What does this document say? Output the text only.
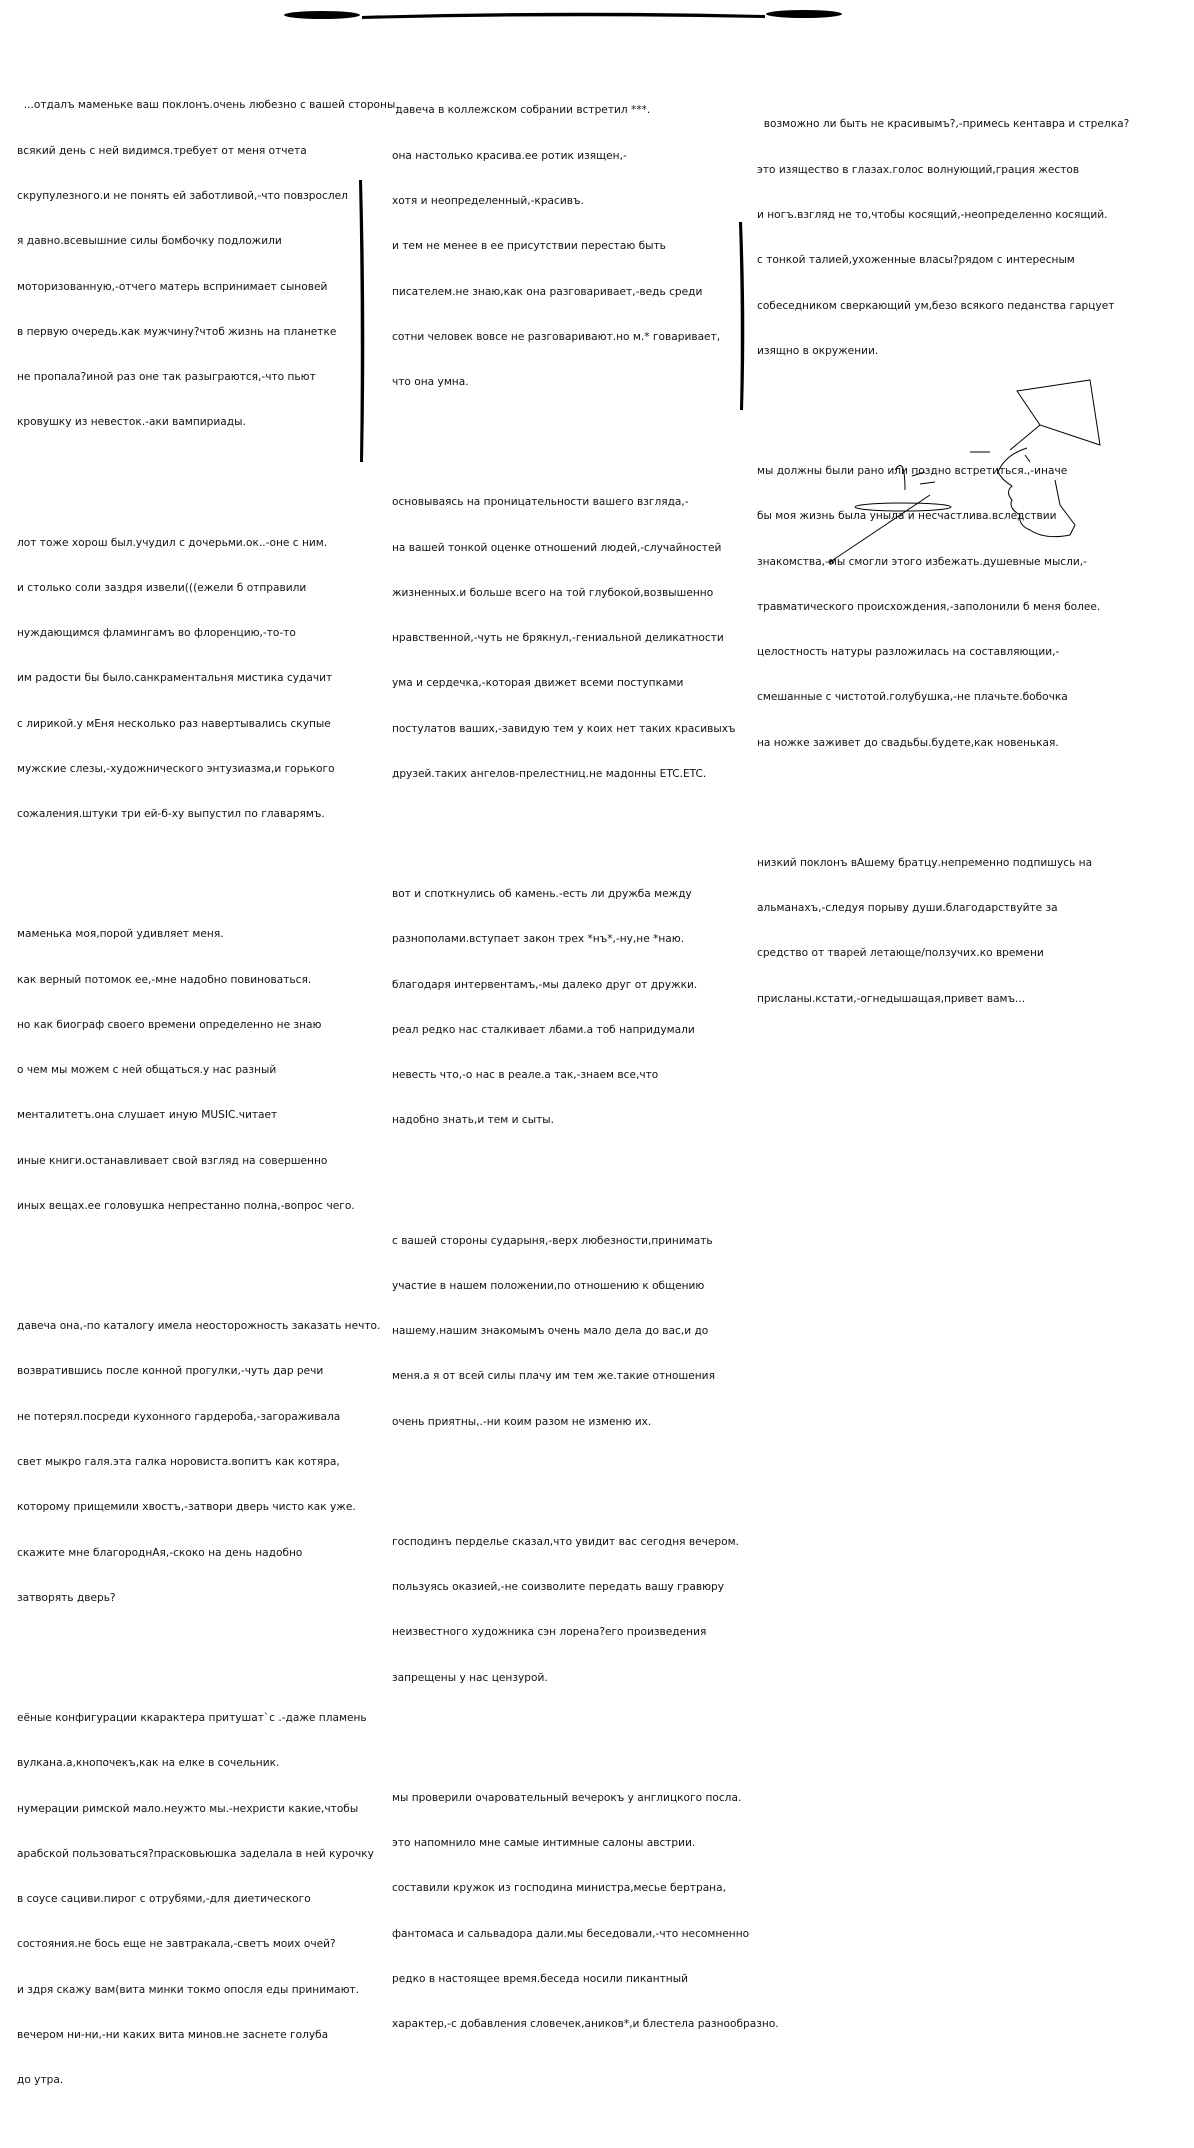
...отдалъ маменьке ваш поклонъ.очень любезно с вашей стороны.

всякий день с ней видимся.требует от меня отчета

скрупулезного.и не понять ей заботливой,-что повзрослел

я давно.всевышние силы бомбочку подложили

моторизованную,-отчего матерь вспринимает сыновей

в первую очередь.как мужчину?чтоб жизнь на планетке

не пропала?иной раз оне так разыграются,-что пьют

кровушку из невесток.-аки вампириады.

лот тоже хорош был.учудил с дочерьми.ок..-оне с ним.

и столько соли заздря извели(((ежели б отправили

нуждающимся фламингамъ во флоренцию,-то-то

им радости бы было.санкраментальня мистика судачит

с лирикой.у мЕня несколько раз навертывались скупые

мужские слезы,-художнического энтузиазма,и горького

сожаления.штуки три ей-б-ху выпустил по главарямъ.

маменька моя,порой удивляет меня.

как верный потомок ее,-мне надобно повиноваться.

но как биограф своего времени определенно не знаю

о чем мы можем с ней общаться.у нас разный

менталитетъ.она слушает иную MUSIC.читает

иные книги.останавливает свой взгляд на совершенно

иных вещах.ее головушка непрестанно полна,-вопрос чего.

давеча она,-по каталогу имела неосторожность заказать нечто.

возвратившись после конной прогулки,-чуть дар речи

не потерял.посреди кухонного гардероба,-загораживала

свет мыкро галя.эта галка норовиста.вопитъ как котяра,

которому прищемили хвостъ,-затвори дверь чисто как уже.

скажите мне благороднАя,-скоко на день надобно

затворять дверь?

еёные конфигурации ккарактера притушат`с .-даже пламень

вулкана.а,кнопочекъ,как на елке в сочельник.

нумерации римской мало.неужто мы.-нехристи какие,чтобы

арабской пользоваться?прасковьюшка заделала в ней курочку

в соусе сациви.пирог с отрубями,-для диетического

состояния.не бось еще не завтракала,-светъ моих очей?

и здря скажу вам(вита минки токмо опосля еды принимают.

вечером ни-ни,-ни каких вита минов.не заснете голуба

до утра.

давеча в коллежском собрании встретил ***.

она настолько красива.ее ротик изящен,-

хотя и неопределенный,-красивъ.

и тем не менее в ее присутствии перестаю быть

писателем.не знаю,как она разговаривает,-ведь среди

сотни человек вовсе не разговаривают.но м.* говаривает,

что она умна.

основываясь на проницательности вашего взгляда,-

на вашей тонкой оценке отношений людей,-случайностей

жизненных.и больше всего на той глубокой,возвышенно

нравственной,-чуть не брякнул,-гениальной деликатности

ума и сердечка,-которая движет всеми поступками

постулатов ваших,-завидую тем у коих нет таких красивыхъ

друзей.таких ангелов-прелестниц.не мадонны ETC.ETC.

вот и споткнулись об камень.-есть ли дружба между

разнополами.вступает закон трех *нъ*,-ну,не *наю.

благодаря интервентамъ,-мы далеко друг от дружки.

реал редко нас сталкивает лбами.а тоб напридумали

невесть что,-о нас в реале.а так,-знаем все,что

надобно знать,и тем и сыты.

с вашей стороны сударыня,-верх любезности,принимать

участие в нашем положении,по отношению к общению

нашему.нашим знакомымъ очень мало дела до вас,и до

меня.а я от всей силы плачу им тем же.такие отношения

очень приятны,.-ни коим разом не изменю их.

господинъ перделье сказал,что увидит вас сегодня вечером.

пользуясь оказией,-не соизволите передать вашу гравюру

неизвестного художника сэн лорена?его произведения

запрещены у нас цензурой.

мы проверили очаровательный вечерокъ у англицкого посла.

это напомнило мне самые интимные салоны австрии.

составили кружок из господина министра,месье бертрана,

фантомаса и сальвадора дали.мы беседовали,-что несомненно

редко в настоящее время.беседа носили пикантный

характер,-с добавления словечек,аников*,и блестела разнообразно.

возможно ли быть не красивымъ?,-примесь кентавра и стрелка?

это изящество в глазах.голос волнующий,грация жестов

и ногъ.взгляд не то,чтобы косящий,-неопределенно косящий.

с тонкой талией,ухоженные власы?рядом с интересным

собеседником сверкающий ум,безо всякого педанства гарцует

изящно в окружении.

мы должны были рано или поздно встретиться.,-иначе

бы моя жизнь была уныла и несчастлива.вследствии

знакомства,-мы смогли этого избежать.душевные мысли,-

травматического происхождения,-заполонили б меня более.

целостность натуры разложилась на составляющии,-

смешанные с чистотой.голубушка,-не плачьте.бобочка

на ножке заживет до свадьбы.будете,как новенькая.

низкий поклонъ вАшему братцу.непременно подпишусь на

альманахъ,-следуя порыву души.благодарствуйте за

средство от тварей летающе/ползучих.ко времени

присланы.кстати,-огнедышащая,привет вамъ...
